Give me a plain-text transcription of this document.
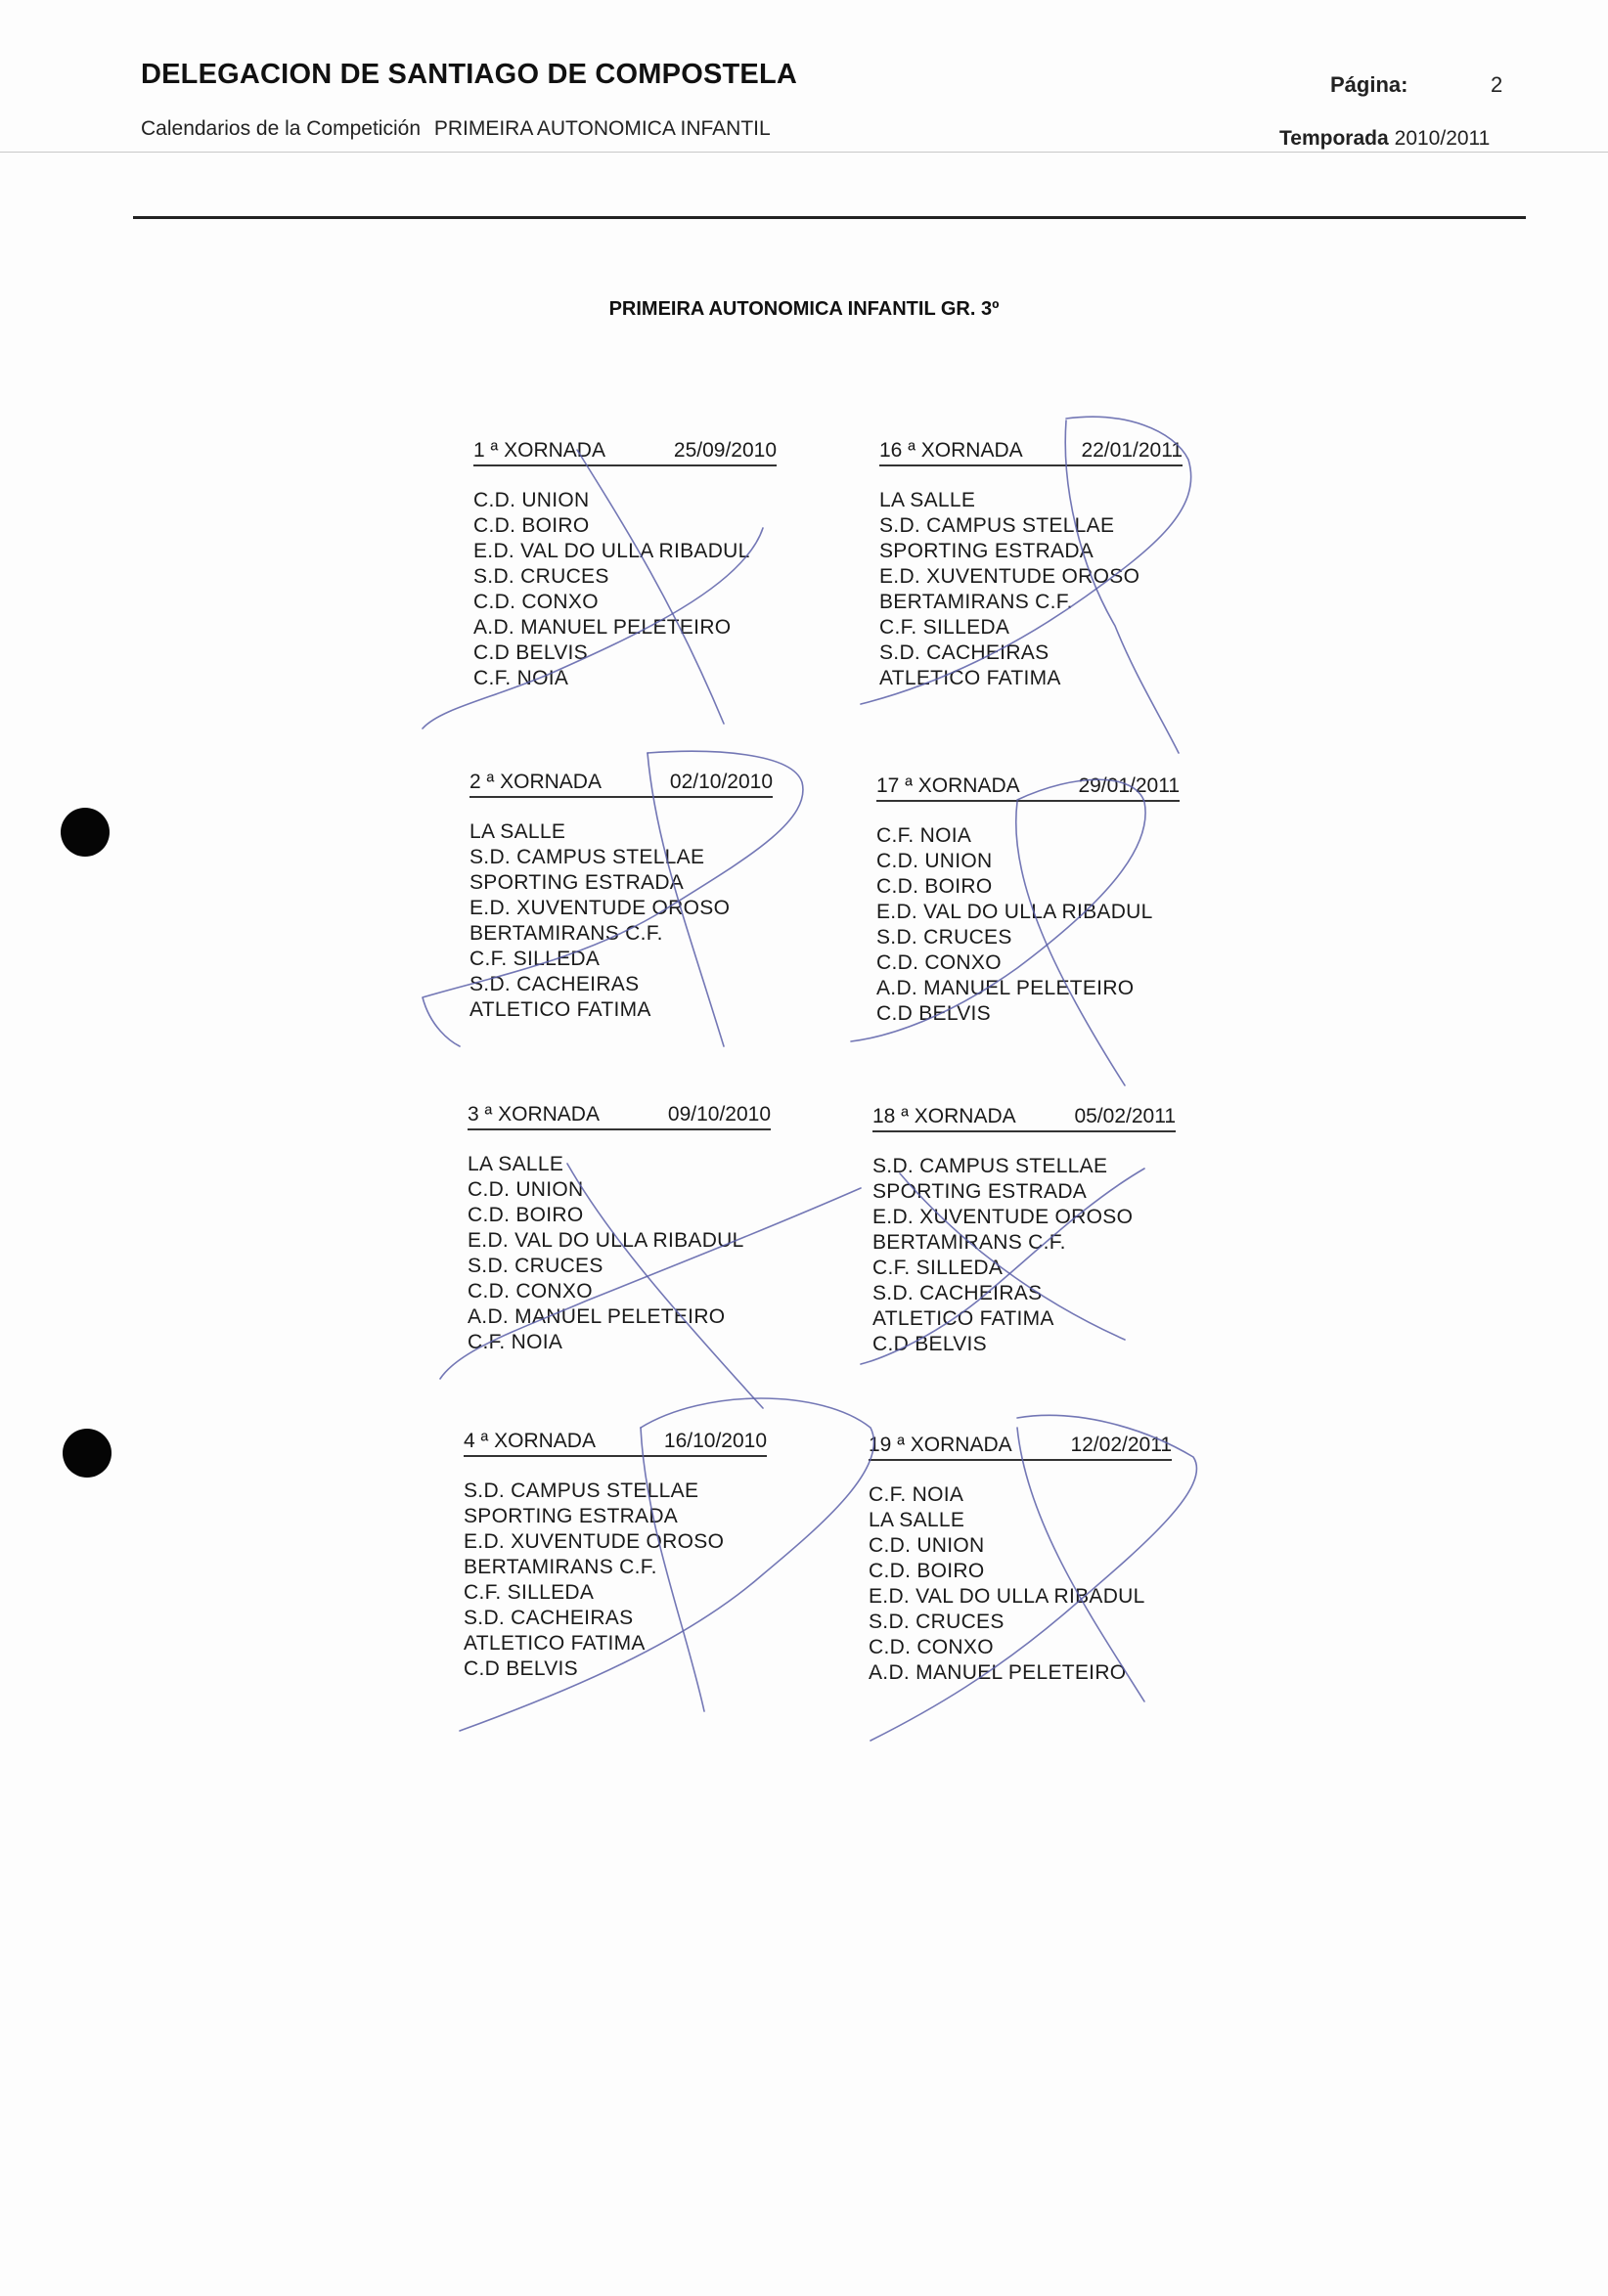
DELEGACION DE SANTIAGO DE COMPOSTELA	Página:	2
Calendarios de la Competición PRIMEIRA AUTONOMICA INFANTIL	Temporada 2010/2011
PRIMEIRA AUTONOMICA INFANTIL GR. 3º
1 ª XORNADA	25/09/2010
C.D. UNION
C.D. BOIRO
E.D. VAL DO ULLA RIBADUL
S.D. CRUCES
C.D. CONXO
A.D. MANUEL PELETEIRO
C.D BELVIS
C.F. NOIA
16 ª XORNADA	22/01/2011
LA SALLE
S.D. CAMPUS STELLAE
SPORTING ESTRADA
E.D. XUVENTUDE OROSO
BERTAMIRANS C.F.
C.F. SILLEDA
S.D. CACHEIRAS
ATLETICO FATIMA
2 ª XORNADA	02/10/2010
LA SALLE
S.D. CAMPUS STELLAE
SPORTING ESTRADA
E.D. XUVENTUDE OROSO
BERTAMIRANS C.F.
C.F. SILLEDA
S.D. CACHEIRAS
ATLETICO FATIMA
17 ª XORNADA	29/01/2011
C.F. NOIA
C.D. UNION
C.D. BOIRO
E.D. VAL DO ULLA RIBADUL
S.D. CRUCES
C.D. CONXO
A.D. MANUEL PELETEIRO
C.D BELVIS
3 ª XORNADA	09/10/2010
LA SALLE
C.D. UNION
C.D. BOIRO
E.D. VAL DO ULLA RIBADUL
S.D. CRUCES
C.D. CONXO
A.D. MANUEL PELETEIRO
C.F. NOIA
18 ª XORNADA	05/02/2011
S.D. CAMPUS STELLAE
SPORTING ESTRADA
E.D. XUVENTUDE OROSO
BERTAMIRANS C.F.
C.F. SILLEDA
S.D. CACHEIRAS
ATLETICO FATIMA
C.D BELVIS
4 ª XORNADA	16/10/2010
S.D. CAMPUS STELLAE
SPORTING ESTRADA
E.D. XUVENTUDE OROSO
BERTAMIRANS C.F.
C.F. SILLEDA
S.D. CACHEIRAS
ATLETICO FATIMA
C.D BELVIS
19 ª XORNADA	12/02/2011
C.F. NOIA
LA SALLE
C.D. UNION
C.D. BOIRO
E.D. VAL DO ULLA RIBADUL
S.D. CRUCES
C.D. CONXO
A.D. MANUEL PELETEIRO
